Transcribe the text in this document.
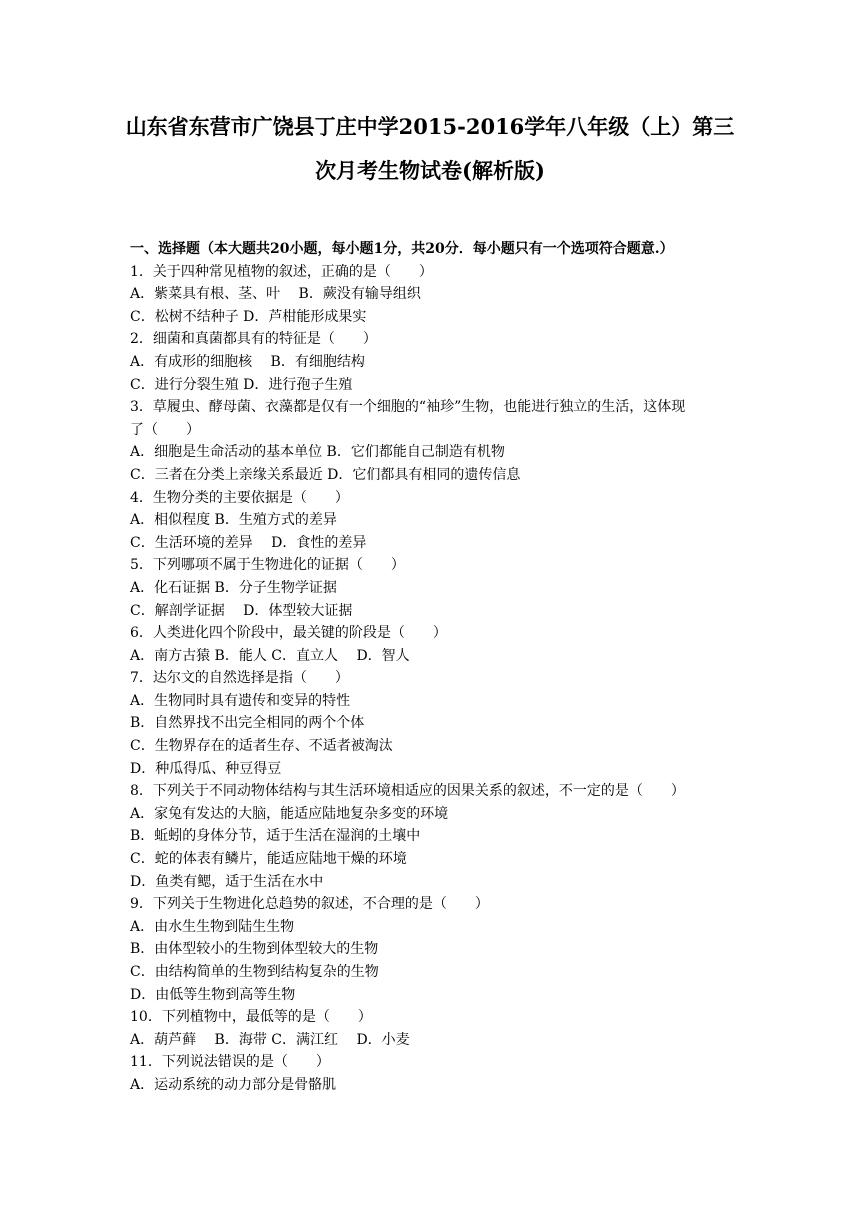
山东省东营市广饶县丁庄中学2015-2016学年八年级（上）第三
次月考生物试卷(解析版)
一、选择题（本大题共20小题，每小题1分，共20分．每小题只有一个选项符合题意.）
1．关于四种常见植物的叙述，正确的是（　　）
A．紫菜具有根、茎、叶　 B．蕨没有输导组织
C．松树不结种子 D．芦柑能形成果实
2．细菌和真菌都具有的特征是（　　）
A．有成形的细胞核　 B．有细胞结构
C．进行分裂生殖 D．进行孢子生殖
3．草履虫、酵母菌、衣藻都是仅有一个细胞的“袖珍”生物，也能进行独立的生活，这体现
了（　　）
A．细胞是生命活动的基本单位 B．它们都能自己制造有机物
C．三者在分类上亲缘关系最近 D．它们都具有相同的遗传信息
4．生物分类的主要依据是（　　）
A．相似程度 B．生殖方式的差异
C．生活环境的差异　 D．食性的差异
5．下列哪项不属于生物进化的证据（　　）
A．化石证据 B．分子生物学证据
C．解剖学证据　 D．体型较大证据
6．人类进化四个阶段中，最关键的阶段是（　　）
A．南方古猿 B．能人 C．直立人　 D．智人
7．达尔文的自然选择是指（　　）
A．生物同时具有遗传和变异的特性
B．自然界找不出完全相同的两个个体
C．生物界存在的适者生存、不适者被淘汰
D．种瓜得瓜、种豆得豆
8．下列关于不同动物体结构与其生活环境相适应的因果关系的叙述，不一定的是（　　）
A．家兔有发达的大脑，能适应陆地复杂多变的环境
B．蚯蚓的身体分节，适于生活在湿润的土壤中
C．蛇的体表有鳞片，能适应陆地干燥的环境
D．鱼类有鳃，适于生活在水中
9．下列关于生物进化总趋势的叙述，不合理的是（　　）
A．由水生生物到陆生生物
B．由体型较小的生物到体型较大的生物
C．由结构简单的生物到结构复杂的生物
D．由低等生物到高等生物
10．下列植物中，最低等的是（　　）
A．葫芦藓　 B．海带 C．满江红　 D．小麦
11．下列说法错误的是（　　）
A．运动系统的动力部分是骨骼肌
